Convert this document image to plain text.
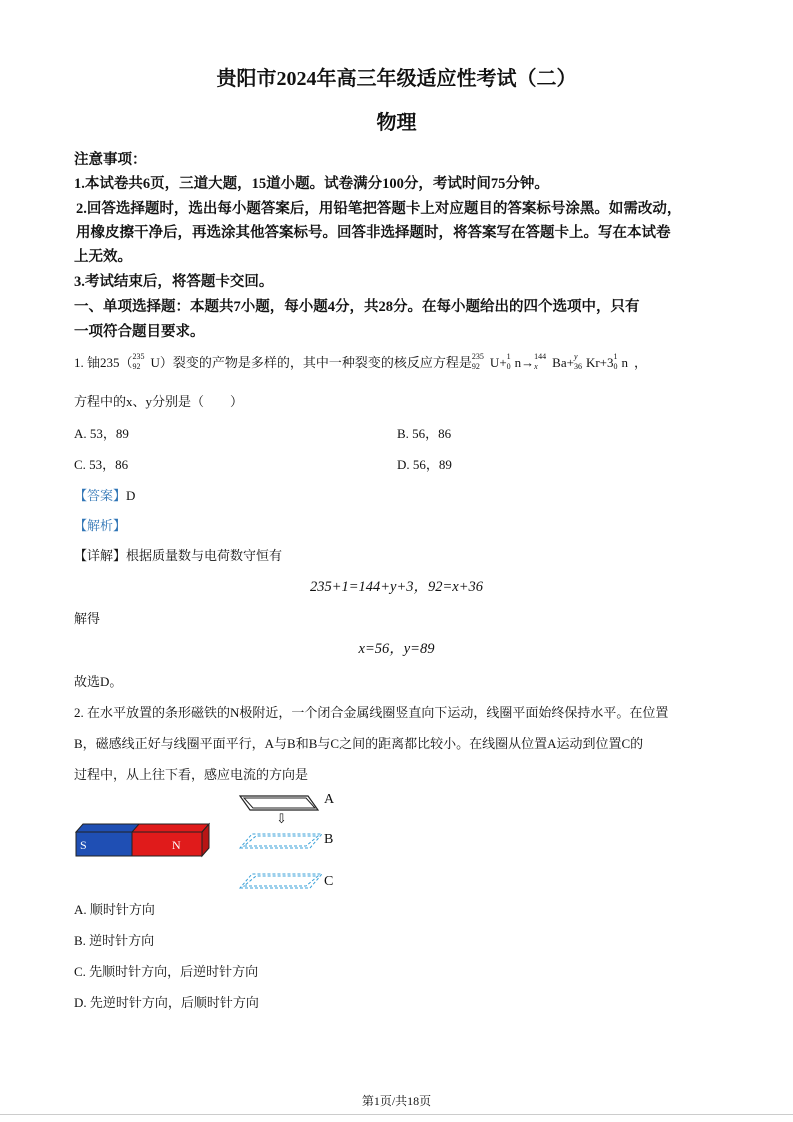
贵阳市2024年高三年级适应性考试（二）
物理
注意事项：
1.本试卷共6页，三道大题，15道小题。试卷满分100分，考试时间75分钟。
2.回答选择题时，选出每小题答案后，用铅笔把答题卡上对应题目的答案标号涂黑。如需改动，
用橡皮擦干净后，再选涂其他答案标号。回答非选择题时，将答案写在答题卡上。写在本试卷
上无效。
3.考试结束后，将答题卡交回。
一、单项选择题：本题共7小题，每小题4分，共28分。在每小题给出的四个选项中，只有
一项符合题目要求。
1. 铀235（ 235
92 U）裂变的产物是多样的，其中一种裂变的核反应方程是 235
92 U+ 1
0 n→ 144
x Ba+ y
36 Kr+3 1
0 n ，
方程中的x、y分别是（　　）
A. 53，89	B. 56，86
C. 53，86	D. 56，89
【答案】D
【解析】
【详解】根据质量数与电荷数守恒有
235+1=144+y+3，92=x+36
解得
x=56，y=89
故选D。
2. 在水平放置的条形磁铁的N极附近，一个闭合金属线圈竖直向下运动，线圈平面始终保持水平。在位置
B，磁感线正好与线圈平面平行，A与B和B与C之间的距离都比较小。在线圈从位置A运动到位置C的
过程中，从上往下看，感应电流的方向是
S	N
⇩
A
B
C
A. 顺时针方向
B. 逆时针方向
C. 先顺时针方向，后逆时针方向
D. 先逆时针方向，后顺时针方向
第1页/共18页
